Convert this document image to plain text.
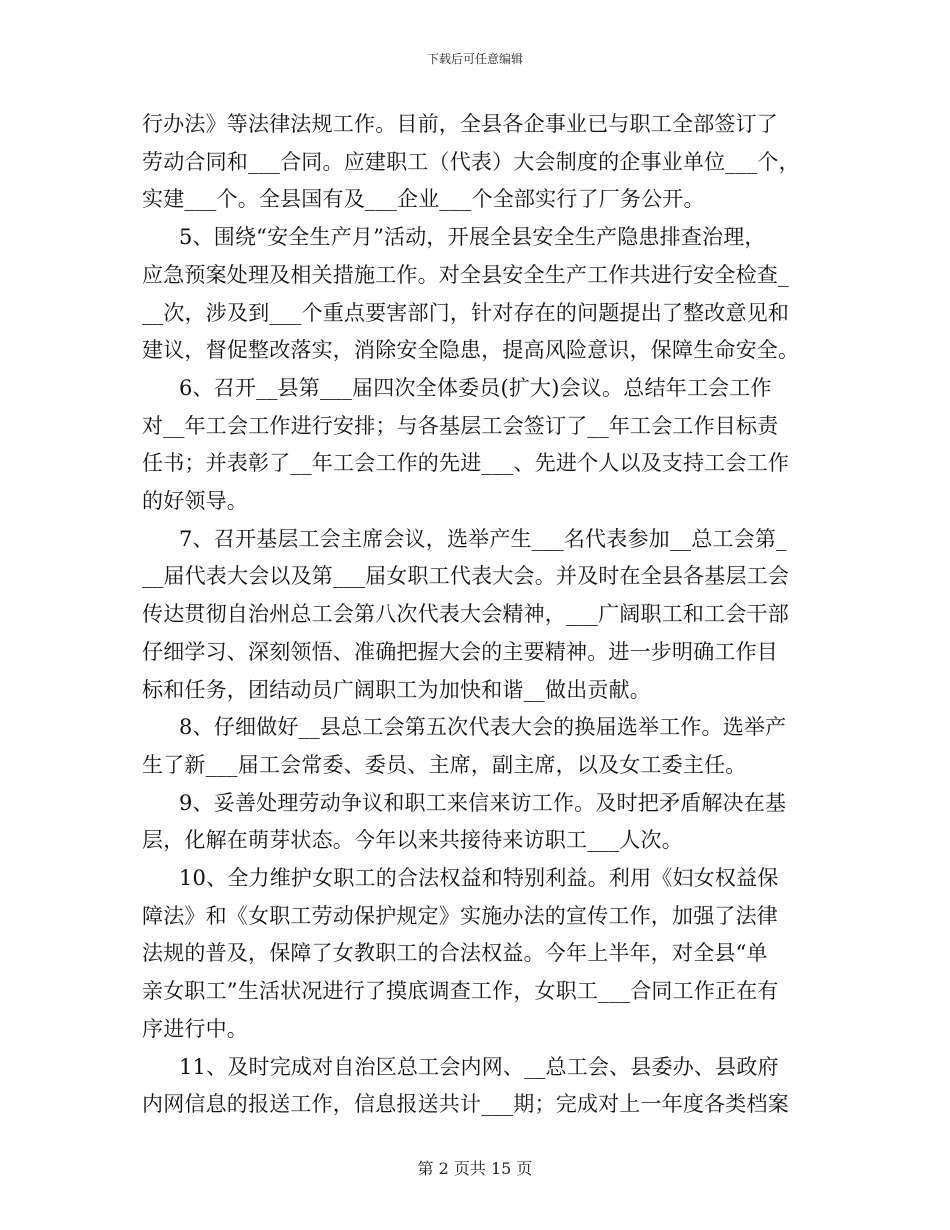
下载后可任意编辑
行办法》等法律法规工作。目前，全县各企事业已与职工全部签订了
劳动合同和___合同。应建职工（代表）大会制度的企事业单位___个，
实建___个。全县国有及___企业___个全部实行了厂务公开。
5、围绕“安全生产月”活动，开展全县安全生产隐患排查治理，
应急预案处理及相关措施工作。对全县安全生产工作共进行安全检查_
__次，涉及到___个重点要害部门，针对存在的问题提出了整改意见和
建议，督促整改落实，消除安全隐患，提高风险意识，保障生命安全。
6、召开__县第___届四次全体委员(扩大)会议。总结年工会工作
对__年工会工作进行安排；与各基层工会签订了__年工会工作目标责
任书；并表彰了__年工会工作的先进___、先进个人以及支持工会工作
的好领导。
7、召开基层工会主席会议，选举产生___名代表参加__总工会第_
__届代表大会以及第___届女职工代表大会。并及时在全县各基层工会
传达贯彻自治州总工会第八次代表大会精神，___广阔职工和工会干部
仔细学习、深刻领悟、准确把握大会的主要精神。进一步明确工作目
标和任务，团结动员广阔职工为加快和谐__做出贡献。
8、仔细做好__县总工会第五次代表大会的换届选举工作。选举产
生了新___届工会常委、委员、主席，副主席，以及女工委主任。
9、妥善处理劳动争议和职工来信来访工作。及时把矛盾解决在基
层，化解在萌芽状态。今年以来共接待来访职工___人次。
10、全力维护女职工的合法权益和特别利益。利用《妇女权益保
障法》和《女职工劳动保护规定》实施办法的宣传工作，加强了法律
法规的普及，保障了女教职工的合法权益。今年上半年，对全县“单
亲女职工”生活状况进行了摸底调查工作，女职工___合同工作正在有
序进行中。
11、及时完成对自治区总工会内网、__总工会、县委办、县政府
内网信息的报送工作，信息报送共计___期；完成对上一年度各类档案
第 2 页共 15 页
